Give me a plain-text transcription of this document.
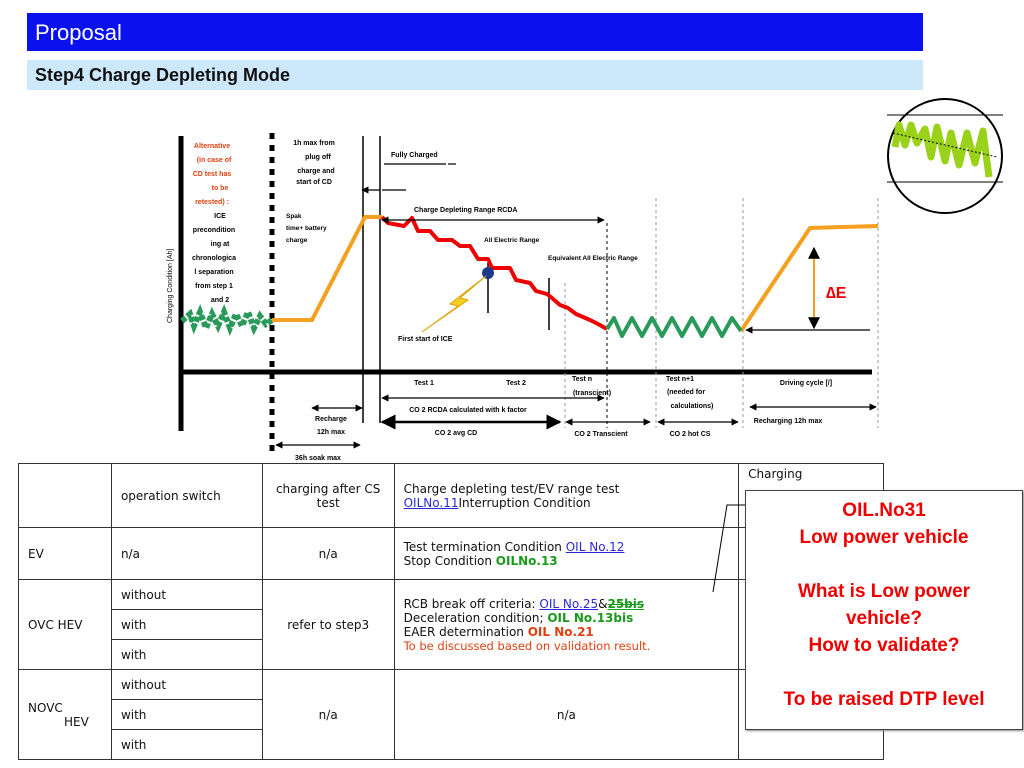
Proposal
Step4 Charge Depleting Mode
Charging Condition [Ah]
Alternative
(in case of
CD test has
to be
retested) :
ICE
precondition
ing at
chronologica
l separation
from step 1
and 2
1h max from
plug off
charge and
start of CD
Spak
time+ battery
charge
Fully Charged
Charge Depleting Range RCDA
All Electric Range
Equivalent All Electric Range
First start of ICE
∆E
Test 1	Test 2
Test n
(transcient)
Test n+1
(needed for
calculations)
Driving cycle [/]
Recharge
12h max
36h soak max
CO 2 RCDA calculated with k factor
CO 2 avg CD	CO 2 Transcient	CO 2 hot CS
Recharging 12h max
	operation switch	charging after CS test	Charge depleting test/EV range test
OILNo.11Interruption Condition	Charging
EV	n/a	n/a	Test termination Condition OIL No.12
Stop Condition OILNo.13	

OVC HEV	without	refer to step3	RCB break off criteria: OIL No.25&25bis
Deceleration condition; OIL No.13bis
EAER determination OIL No.21
To be discussed based on validation result.	

	with			
	with			

NOVC
HEV	without	n/a	n/a	
	with			
	with			
OIL.No31
Low power vehicle
What is Low power
vehicle?
How to validate?
To be raised DTP level
